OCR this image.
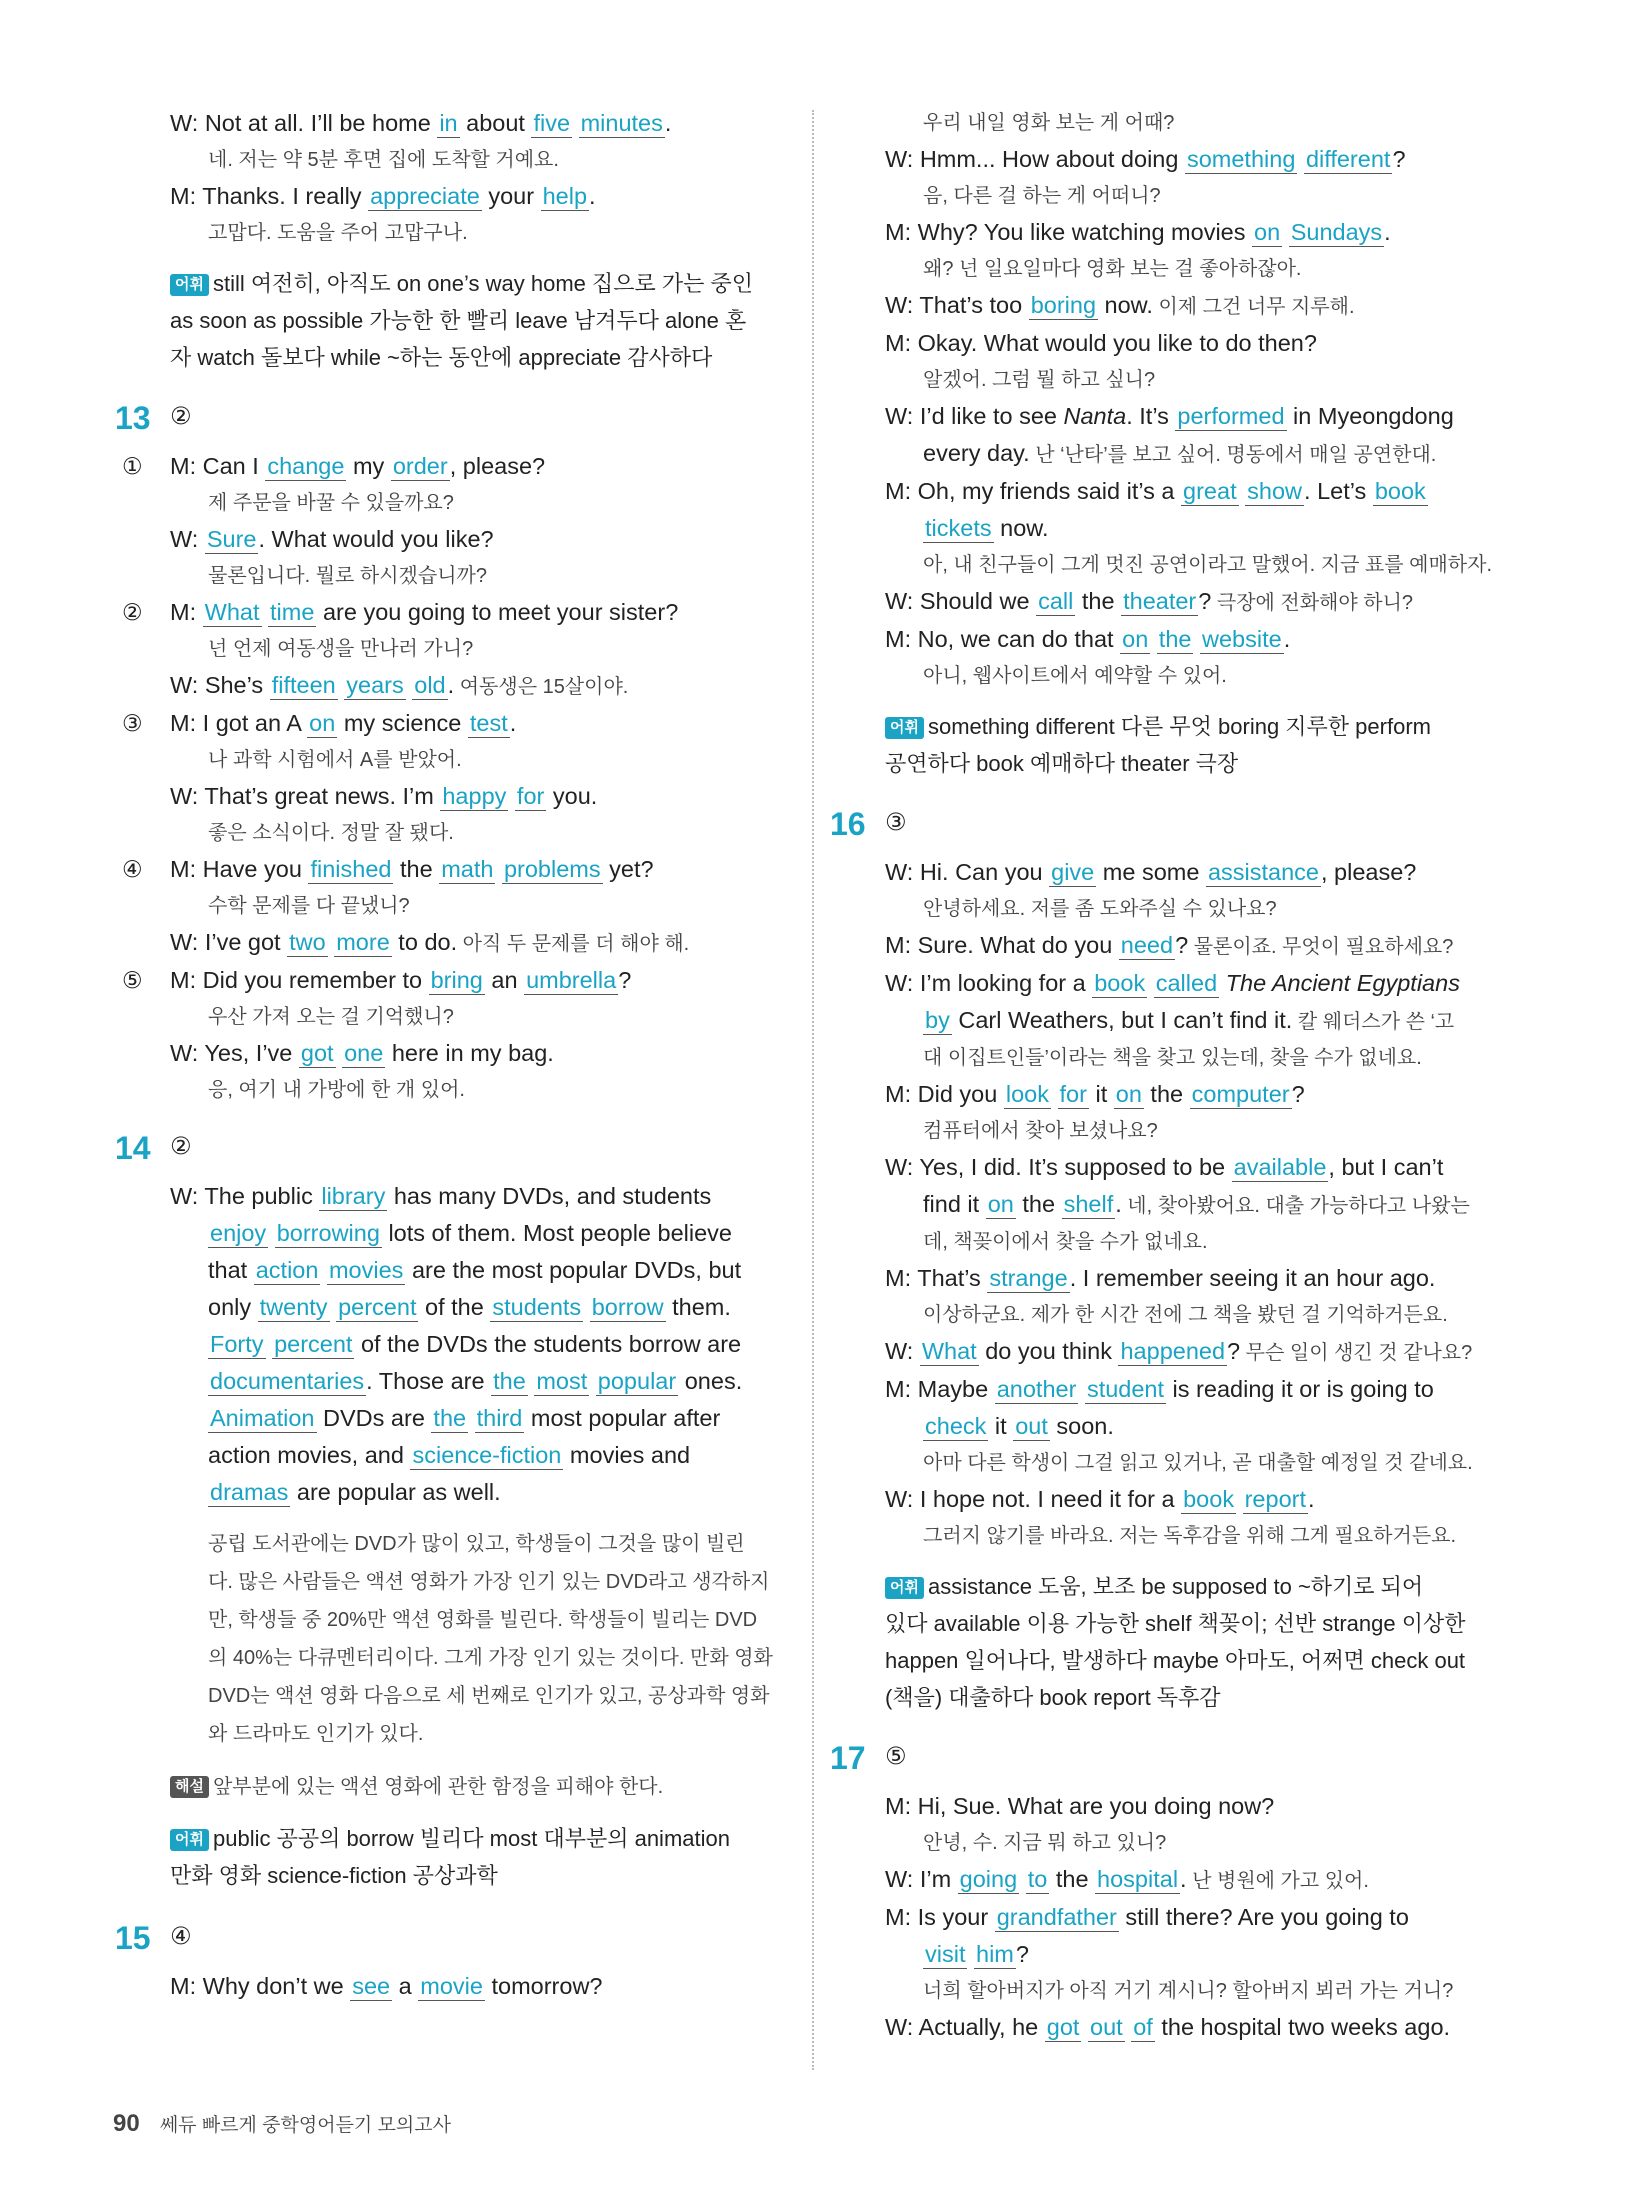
W: Not at all. I’ll be home in about five minutes.
네. 저는 약 5분 후면 집에 도착할 거예요.
M: Thanks. I really appreciate your help.
고맙다. 도움을 주어 고맙구나.
어휘 still 여전히, 아직도 on one’s way home 집으로 가는 중인
as soon as possible 가능한 한 빨리 leave 남겨두다 alone 혼
자 watch 돌보다 while ~하는 동안에 appreciate 감사하다
13 ②
① M: Can I change my order, please?
제 주문을 바꿀 수 있을까요?
W: Sure. What would you like?
물론입니다. 뭘로 하시겠습니까?
② M: What time are you going to meet your sister?
넌 언제 여동생을 만나러 가니?
W: She’s fifteen years old. 여동생은 15살이야.
③ M: I got an A on my science test.
나 과학 시험에서 A를 받았어.
W: That’s great news. I’m happy for you.
좋은 소식이다. 정말 잘 됐다.
④ M: Have you finished the math problems yet?
수학 문제를 다 끝냈니?
W: I’ve got two more to do. 아직 두 문제를 더 해야 해.
⑤ M: Did you remember to bring an umbrella?
우산 가져 오는 걸 기억했니?
W: Yes, I’ve got one here in my bag.
응, 여기 내 가방에 한 개 있어.
14 ②
W: The public library has many DVDs, and students
enjoy borrowing lots of them. Most people believe
that action movies are the most popular DVDs, but
only twenty percent of the students borrow them.
Forty percent of the DVDs the students borrow are
documentaries. Those are the most popular ones.
Animation DVDs are the third most popular after
action movies, and science-fiction movies and
dramas are popular as well.
공립 도서관에는 DVD가 많이 있고, 학생들이 그것을 많이 빌린
다. 많은 사람들은 액션 영화가 가장 인기 있는 DVD라고 생각하지
만, 학생들 중 20%만 액션 영화를 빌린다. 학생들이 빌리는 DVD
의 40%는 다큐멘터리이다. 그게 가장 인기 있는 것이다. 만화 영화
DVD는 액션 영화 다음으로 세 번째로 인기가 있고, 공상과학 영화
와 드라마도 인기가 있다.
해설 앞부분에 있는 액션 영화에 관한 함정을 피해야 한다.
어휘 public 공공의 borrow 빌리다 most 대부분의 animation
만화 영화 science-fiction 공상과학
15 ④
M: Why don’t we see a movie tomorrow?
우리 내일 영화 보는 게 어때?
W: Hmm... How about doing something different?
음, 다른 걸 하는 게 어떠니?
M: Why? You like watching movies on Sundays.
왜? 넌 일요일마다 영화 보는 걸 좋아하잖아.
W: That’s too boring now. 이제 그건 너무 지루해.
M: Okay. What would you like to do then?
알겠어. 그럼 뭘 하고 싶니?
W: I’d like to see Nanta. It’s performed in Myeongdong
every day. 난 ‘난타’를 보고 싶어. 명동에서 매일 공연한대.
M: Oh, my friends said it’s a great show. Let’s book
tickets now.
아, 내 친구들이 그게 멋진 공연이라고 말했어. 지금 표를 예매하자.
W: Should we call the theater? 극장에 전화해야 하니?
M: No, we can do that on the website.
아니, 웹사이트에서 예약할 수 있어.
어휘 something different 다른 무엇 boring 지루한 perform
공연하다 book 예매하다 theater 극장
16 ③
W: Hi. Can you give me some assistance, please?
안녕하세요. 저를 좀 도와주실 수 있나요?
M: Sure. What do you need? 물론이죠. 무엇이 필요하세요?
W: I’m looking for a book called The Ancient Egyptians
by Carl Weathers, but I can’t find it. 칼 웨더스가 쓴 ‘고
대 이집트인들’이라는 책을 찾고 있는데, 찾을 수가 없네요.
M: Did you look for it on the computer?
컴퓨터에서 찾아 보셨나요?
W: Yes, I did. It’s supposed to be available, but I can’t
find it on the shelf. 네, 찾아봤어요. 대출 가능하다고 나왔는
데, 책꽂이에서 찾을 수가 없네요.
M: That’s strange. I remember seeing it an hour ago.
이상하군요. 제가 한 시간 전에 그 책을 봤던 걸 기억하거든요.
W: What do you think happened? 무슨 일이 생긴 것 같나요?
M: Maybe another student is reading it or is going to
check it out soon.
아마 다른 학생이 그걸 읽고 있거나, 곧 대출할 예정일 것 같네요.
W: I hope not. I need it for a book report.
그러지 않기를 바라요. 저는 독후감을 위해 그게 필요하거든요.
어휘 assistance 도움, 보조 be supposed to ~하기로 되어
있다 available 이용 가능한 shelf 책꽂이; 선반 strange 이상한
happen 일어나다, 발생하다 maybe 아마도, 어쩌면 check out
(책을) 대출하다 book report 독후감
17 ⑤
M: Hi, Sue. What are you doing now?
안녕, 수. 지금 뭐 하고 있니?
W: I’m going to the hospital. 난 병원에 가고 있어.
M: Is your grandfather still there? Are you going to
visit him?
너희 할아버지가 아직 거기 계시니? 할아버지 뵈러 가는 거니?
W: Actually, he got out of the hospital two weeks ago.
90 쎄듀 빠르게 중학영어듣기 모의고사
